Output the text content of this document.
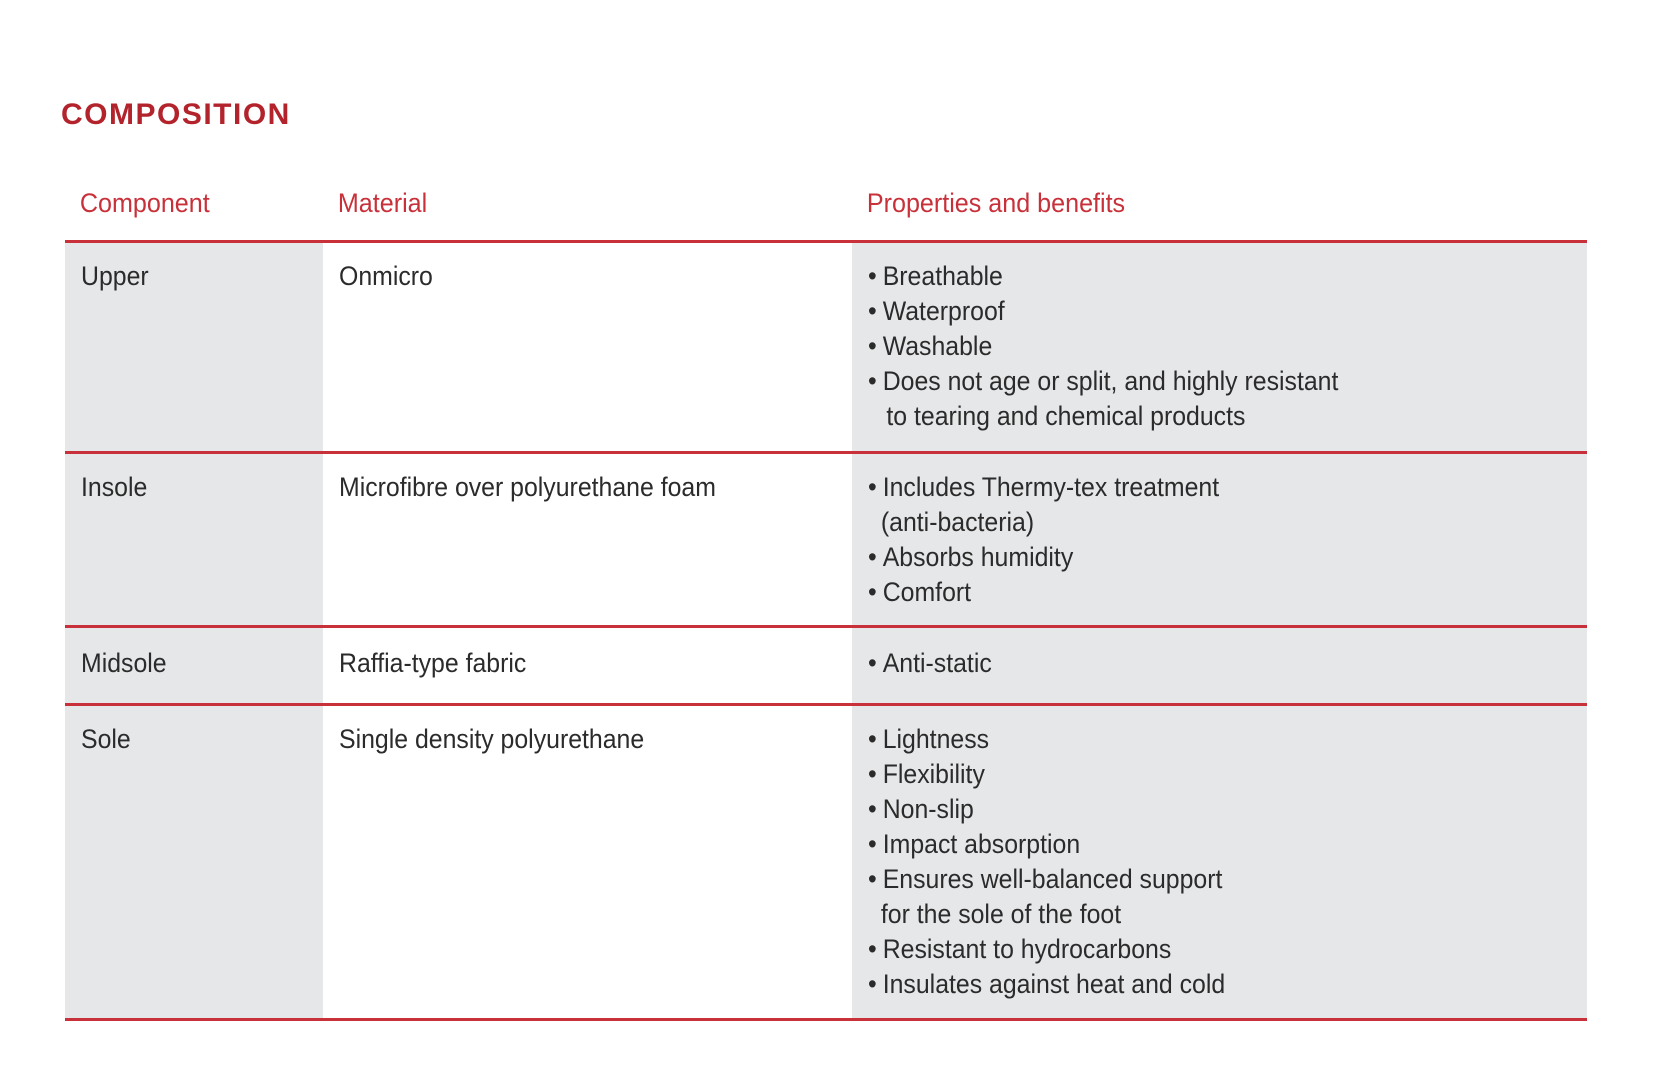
COMPOSITION
Component	Material	Properties and benefits
Upper	Onmicro	• Breathable
• Waterproof
• Washable
• Does not age or split, and highly resistant
to tearing and chemical products
Insole	Microfibre over polyurethane foam	• Includes Thermy-tex treatment
(anti-bacteria)
• Absorbs humidity
• Comfort
Midsole	Raffia-type fabric	• Anti-static
Sole	Single density polyurethane	• Lightness
• Flexibility
• Non-slip
• Impact absorption
• Ensures well-balanced support
for the sole of the foot
• Resistant to hydrocarbons
• Insulates against heat and cold
